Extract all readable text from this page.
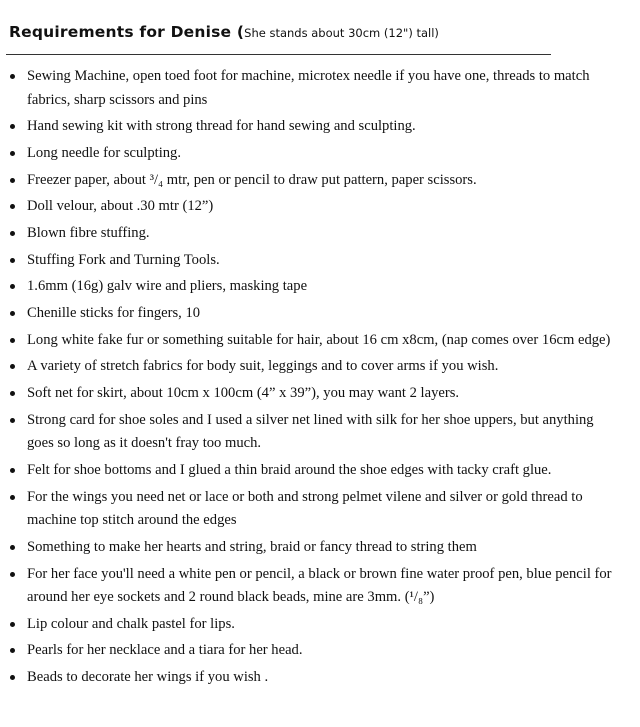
Requirements for Denise (She stands about 30cm (12") tall)
Sewing Machine, open toed foot for machine, microtex needle if you have one, threads to match fabrics, sharp scissors and pins
Hand sewing kit with strong thread for hand sewing and sculpting.
Long needle for sculpting.
Freezer paper, about ³/₄ mtr, pen or pencil to draw put pattern, paper scissors.
Doll velour, about .30 mtr (12”)
Blown fibre stuffing.
Stuffing Fork and Turning Tools.
1.6mm (16g) galv wire and pliers, masking tape
Chenille sticks for fingers, 10
Long white fake fur or something suitable for hair, about 16 cm x8cm, (nap comes over 16cm edge)
A variety of stretch fabrics for body suit, leggings and to cover arms if you wish.
Soft net for skirt, about 10cm x 100cm (4” x 39”), you may want 2 layers.
Strong card for shoe soles and I used a silver net lined with silk for her shoe uppers, but anything goes so long as it doesn't fray too much.
Felt for shoe bottoms and I glued a thin braid around the shoe edges with tacky craft glue.
For the wings you need net or lace or both and strong pelmet vilene and silver or gold thread to machine top stitch around the edges
Something to make her hearts and string, braid or fancy thread to string them
For her face you'll need a white pen or pencil, a black or brown fine water proof pen, blue pencil for around her eye sockets and 2 round black beads, mine are 3mm. (¹/₈”)
Lip colour and chalk pastel for lips.
Pearls for her necklace and a tiara for her head.
Beads to decorate her wings if you wish .
